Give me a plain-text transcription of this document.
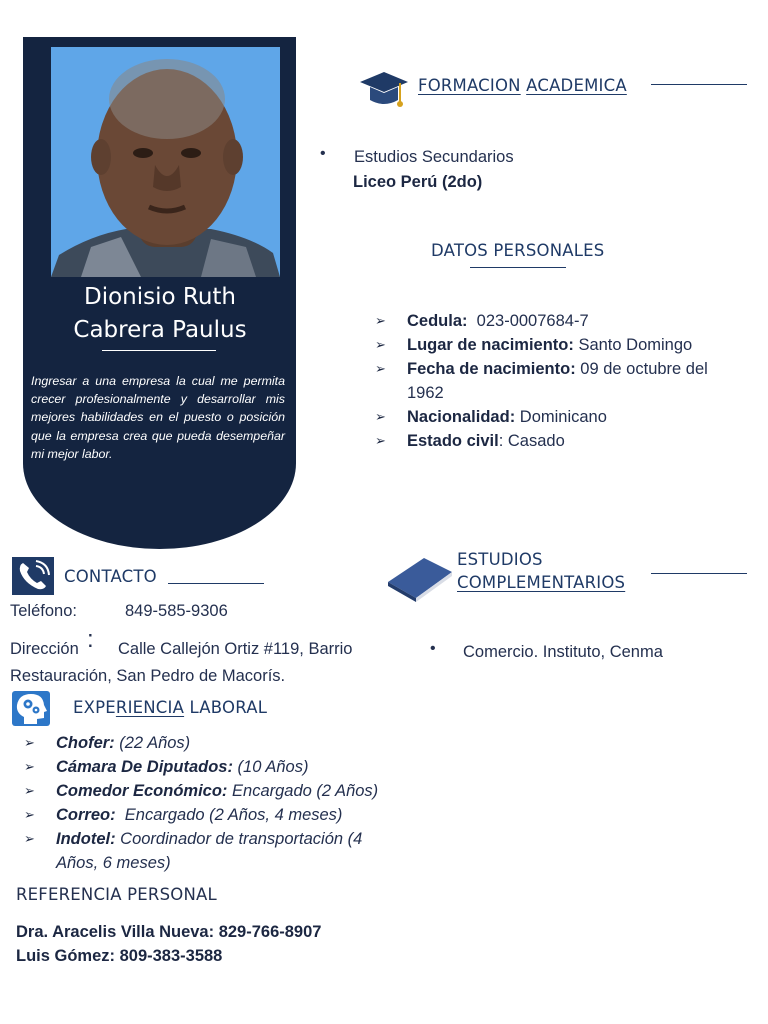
Dionisio Ruth
Cabrera Paulus
Ingresar a una empresa la cual me permita crecer profesionalmente y desarrollar mis mejores habilidades en el puesto o posición que la empresa crea que pueda desempeñar mi mejor labor.
FORMACION ACADEMICA
• Estudios Secundarios
Liceo Perú (2do)
DATOS PERSONALES
➢ Cedula:  023-0007684-7
➢ Lugar de nacimiento: Santo Domingo
➢ Fecha de nacimiento: 09 de octubre del 1962
➢ Nacionalidad: Dominicano
➢ Estado civil: Casado
CONTACTO
Teléfono:	849-585-9306
Dirección : Calle Callejón Ortiz #119, Barrio
Restauración, San Pedro de Macorís.
ESTUDIOS
COMPLEMENTARIOS
• Comercio. Instituto, Cenma
EXPERIENCIA LABORAL
➢ Chofer: (22 Años)
➢ Cámara De Diputados: (10 Años)
➢ Comedor Económico: Encargado (2 Años)
➢ Correo:  Encargado (2 Años, 4 meses)
➢ Indotel: Coordinador de transportación (4 Años, 6 meses)
REFERENCIA PERSONAL
Dra. Aracelis Villa Nueva: 829-766-8907
Luis Gómez: 809-383-3588
